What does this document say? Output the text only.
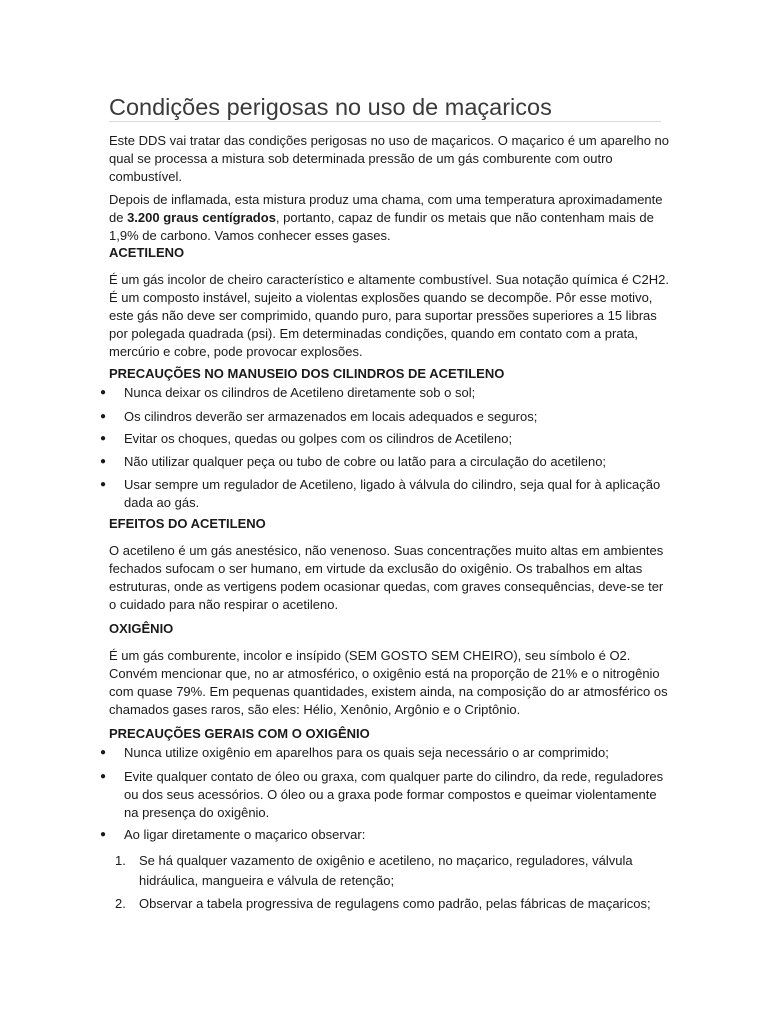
Condições perigosas no uso de maçaricos

Este DDS vai tratar das condições perigosas no uso de maçaricos. O maçarico é um aparelho no qual se processa a mistura sob determinada pressão de um gás comburente com outro combustível.

Depois de inflamada, esta mistura produz uma chama, com uma temperatura aproximadamente de 3.200 graus centígrados, portanto, capaz de fundir os metais que não contenham mais de 1,9% de carbono. Vamos conhecer esses gases.

ACETILENO

É um gás incolor de cheiro característico e altamente combustível. Sua notação química é C2H2. É um composto instável, sujeito a violentas explosões quando se decompõe. Pôr esse motivo, este gás não deve ser comprimido, quando puro, para suportar pressões superiores a 15 libras por polegada quadrada (psi). Em determinadas condições, quando em contato com a prata, mercúrio e cobre, pode provocar explosões.

PRECAUÇÕES NO MANUSEIO DOS CILINDROS DE ACETILENO
● Nunca deixar os cilindros de Acetileno diretamente sob o sol;
● Os cilindros deverão ser armazenados em locais adequados e seguros;
● Evitar os choques, quedas ou golpes com os cilindros de Acetileno;
● Não utilizar qualquer peça ou tubo de cobre ou latão para a circulação do acetileno;
● Usar sempre um regulador de Acetileno, ligado à válvula do cilindro, seja qual for à aplicação dada ao gás.
EFEITOS DO ACETILENO

O acetileno é um gás anestésico, não venenoso. Suas concentrações muito altas em ambientes fechados sufocam o ser humano, em virtude da exclusão do oxigênio. Os trabalhos em altas estruturas, onde as vertigens podem ocasionar quedas, com graves consequências, deve-se ter o cuidado para não respirar o acetileno.

OXIGÊNIO

É um gás comburente, incolor e insípido (SEM GOSTO SEM CHEIRO), seu símbolo é O2. Convém mencionar que, no ar atmosférico, o oxigênio está na proporção de 21% e o nitrogênio com quase 79%. Em pequenas quantidades, existem ainda, na composição do ar atmosférico os chamados gases raros, são eles: Hélio, Xenônio, Argônio e o Criptônio.

PRECAUÇÕES GERAIS COM O OXIGÊNIO
● Nunca utilize oxigênio em aparelhos para os quais seja necessário o ar comprimido;
● Evite qualquer contato de óleo ou graxa, com qualquer parte do cilindro, da rede, reguladores ou dos seus acessórios. O óleo ou a graxa pode formar compostos e queimar violentamente na presença do oxigênio.
● Ao ligar diretamente o maçarico observar:
1. Se há qualquer vazamento de oxigênio e acetileno, no maçarico, reguladores, válvula
hidráulica, mangueira e válvula de retenção;
2. Observar a tabela progressiva de regulagens como padrão, pelas fábricas de maçaricos;
